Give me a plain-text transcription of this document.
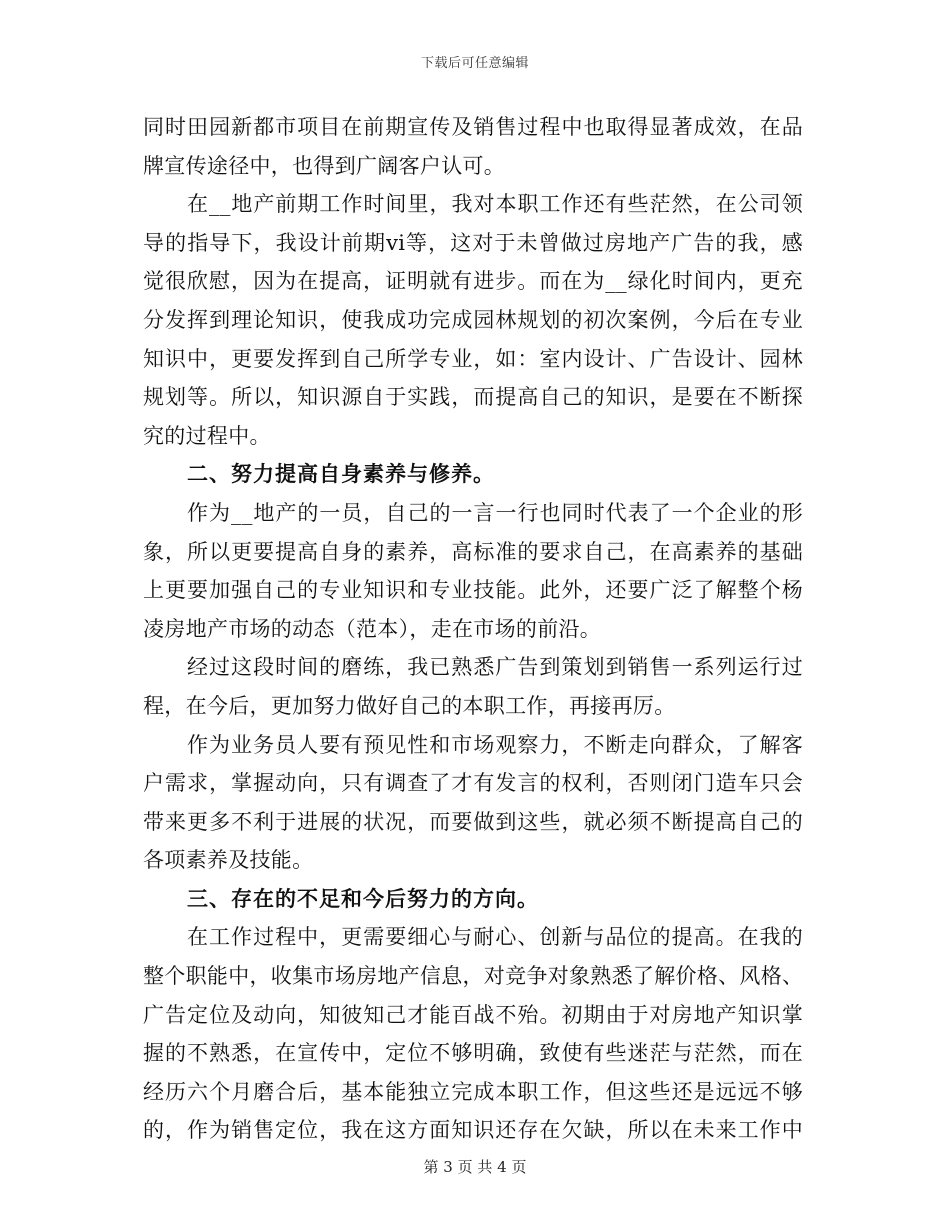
下载后可任意编辑
同时田园新都市项目在前期宣传及销售过程中也取得显著成效，在品
牌宣传途径中，也得到广阔客户认可。
在__地产前期工作时间里，我对本职工作还有些茫然，在公司领
导的指导下，我设计前期vi等，这对于未曾做过房地产广告的我，感
觉很欣慰，因为在提高，证明就有进步。而在为__绿化时间内，更充
分发挥到理论知识，使我成功完成园林规划的初次案例，今后在专业
知识中，更要发挥到自己所学专业，如：室内设计、广告设计、园林
规划等。所以，知识源自于实践，而提高自己的知识，是要在不断探
究的过程中。
二、努力提高自身素养与修养。
作为__地产的一员，自己的一言一行也同时代表了一个企业的形
象，所以更要提高自身的素养，高标准的要求自己，在高素养的基础
上更要加强自己的专业知识和专业技能。此外，还要广泛了解整个杨
凌房地产市场的动态（范本），走在市场的前沿。
经过这段时间的磨练，我已熟悉广告到策划到销售一系列运行过
程，在今后，更加努力做好自己的本职工作，再接再厉。
作为业务员人要有预见性和市场观察力，不断走向群众，了解客
户需求，掌握动向，只有调查了才有发言的权利，否则闭门造车只会
带来更多不利于进展的状况，而要做到这些，就必须不断提高自己的
各项素养及技能。
三、存在的不足和今后努力的方向。
在工作过程中，更需要细心与耐心、创新与品位的提高。在我的
整个职能中，收集市场房地产信息，对竞争对象熟悉了解价格、风格、
广告定位及动向，知彼知己才能百战不殆。初期由于对房地产知识掌
握的不熟悉，在宣传中，定位不够明确，致使有些迷茫与茫然，而在
经历六个月磨合后，基本能独立完成本职工作，但这些还是远远不够
的，作为销售定位，我在这方面知识还存在欠缺，所以在未来工作中
第 3 页 共 4 页
